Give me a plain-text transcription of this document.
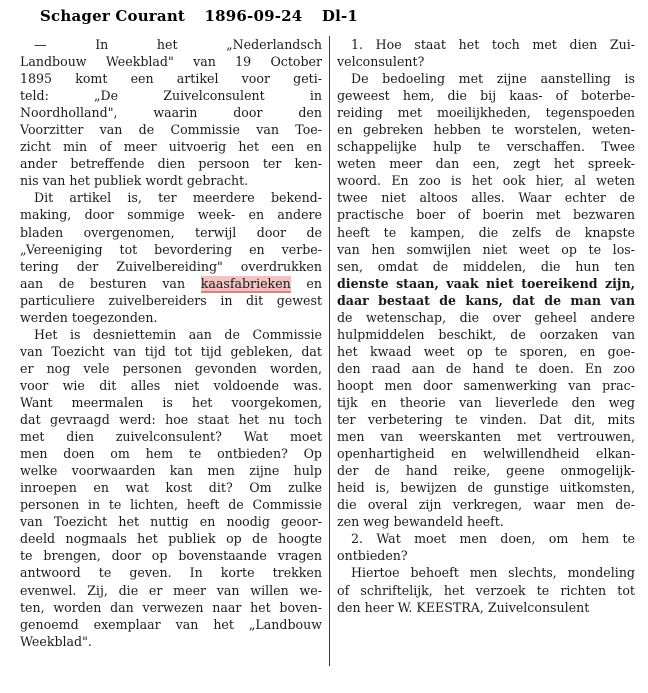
Schager Courant 1896-09-24 Dl-1
— In het „Nederlandsch
Landbouw Weekblad" van 19 October
1895 komt een artikel voor geti-
teld: „De Zuivelconsulent in
Noordholland", waarin door den
Voorzitter van de Commissie van Toe-
zicht min of meer uitvoerig het een en
ander betreffende dien persoon ter ken-
nis van het publiek wordt gebracht.
Dit artikel is, ter meerdere bekend-
making, door sommige week- en andere
bladen overgenomen, terwijl door de
„Vereeniging tot bevordering en verbe-
tering der Zuivelbereiding" overdrukken
aan de besturen van kaasfabrieken en
particuliere zuivelbereiders in dit gewest
werden toegezonden.
Het is desniettemin aan de Commissie
van Toezicht van tijd tot tijd gebleken, dat
er nog vele personen gevonden worden,
voor wie dit alles niet voldoende was.
Want meermalen is het voorgekomen,
dat gevraagd werd: hoe staat het nu toch
met dien zuivelconsulent? Wat moet
men doen om hem te ontbieden? Op
welke voorwaarden kan men zijne hulp
inroepen en wat kost dit? Om zulke
personen in te lichten, heeft de Commissie
van Toezicht het nuttig en noodig geoor-
deeld nogmaals het publiek op de hoogte
te brengen, door op bovenstaande vragen
antwoord te geven. In korte trekken
evenwel. Zij, die er meer van willen we-
ten, worden dan verwezen naar het boven-
genoemd exemplaar van het „Landbouw
Weekblad".
1. Hoe staat het toch met dien Zui-
velconsulent?
De bedoeling met zijne aanstelling is
geweest hem, die bij kaas- of boterbe-
reiding met moeilijkheden, tegenspoeden
en gebreken hebben te worstelen, weten-
schappelijke hulp te verschaffen. Twee
weten meer dan een, zegt het spreek-
woord. En zoo is het ook hier, al weten
twee niet altoos alles. Waar echter de
practische boer of boerin met bezwaren
heeft te kampen, die zelfs de knapste
van hen somwijlen niet weet op te los-
sen, omdat de middelen, die hun ten
dienste staan, vaak niet toereikend zijn,
daar bestaat de kans, dat de man van
de wetenschap, die over geheel andere
hulpmiddelen beschikt, de oorzaken van
het kwaad weet op te sporen, en goe-
den raad aan de hand te doen. En zoo
hoopt men door samenwerking van prac-
tijk en theorie van lieverlede den weg
ter verbetering te vinden. Dat dit, mits
men van weerskanten met vertrouwen,
openhartigheid en welwillendheid elkan-
der de hand reike, geene onmogelijk-
heid is, bewijzen de gunstige uitkomsten,
die overal zijn verkregen, waar men de-
zen weg bewandeld heeft.
2. Wat moet men doen, om hem te
ontbieden?
Hiertoe behoeft men slechts, mondeling
of schriftelijk, het verzoek te richten tot
den heer W. KEESTRA, Zuivelconsulent
